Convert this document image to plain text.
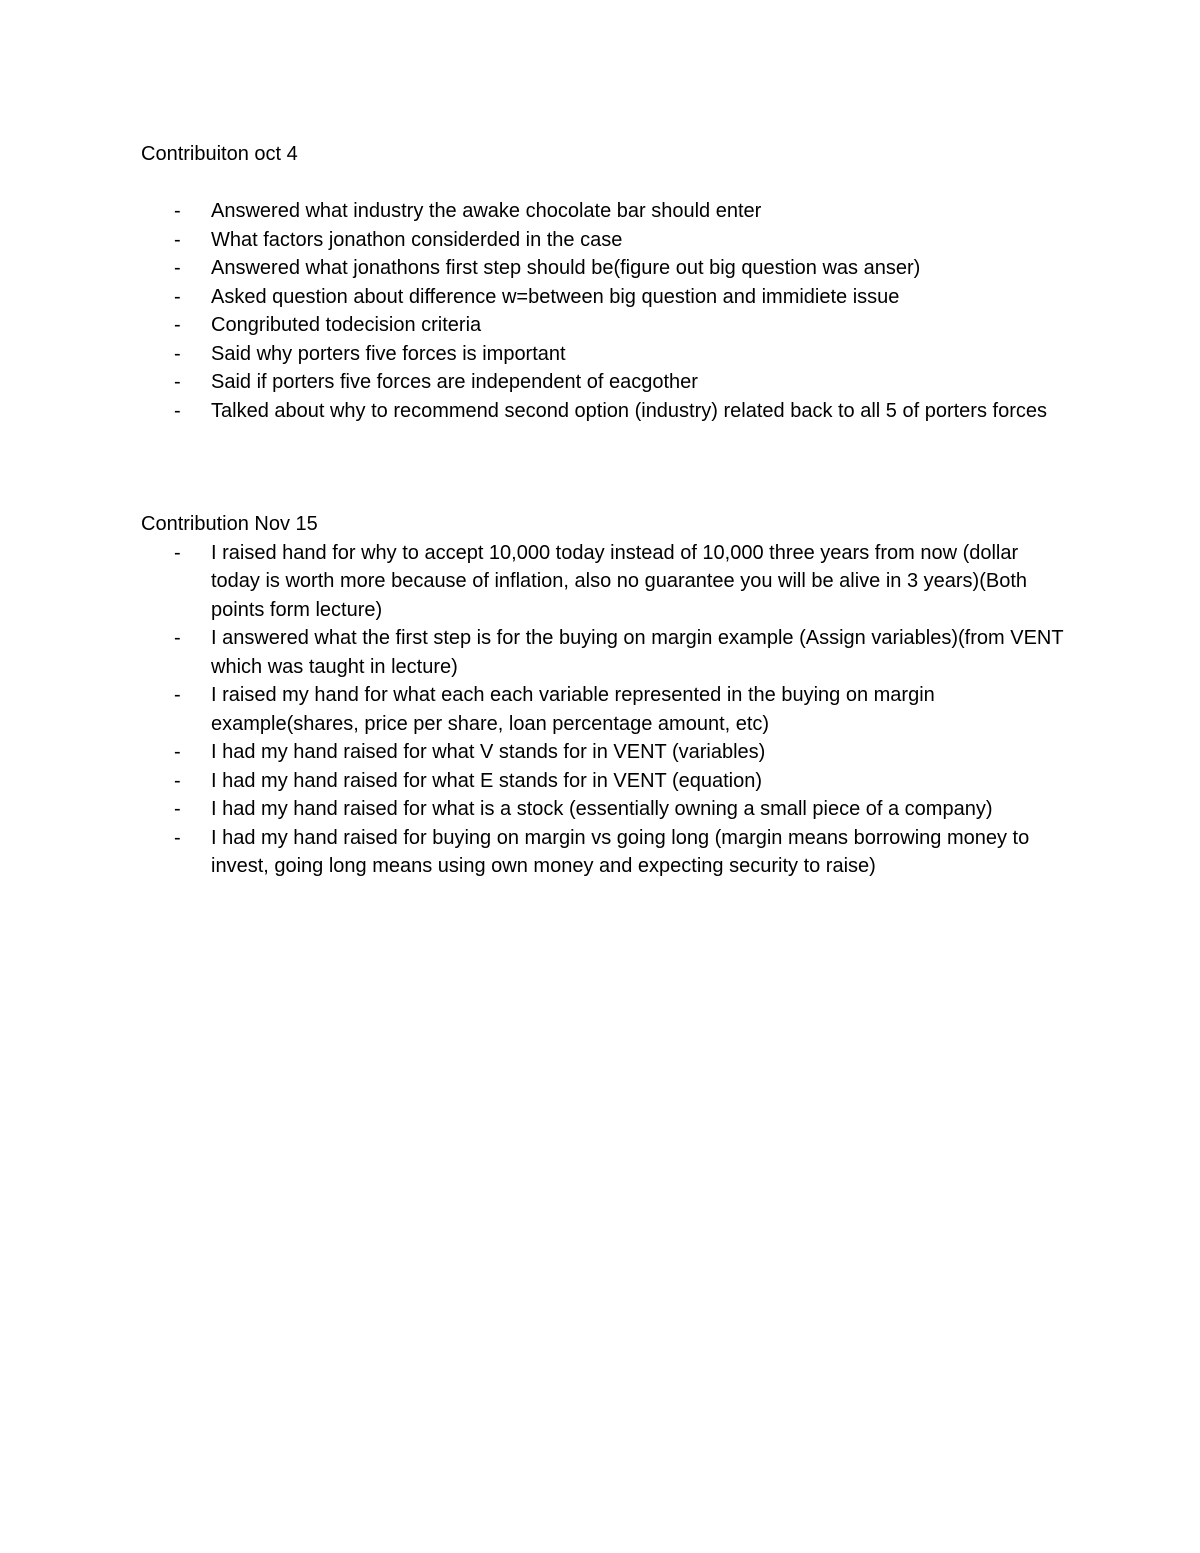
Contribuiton oct 4

- Answered what industry the awake chocolate bar should enter
- What factors jonathon considerded in the case
- Answered what jonathons first step should be(figure out big question was anser)
- Asked question about difference w=between big question and immidiete issue
- Congributed todecision criteria
- Said why porters five forces is important
- Said if porters five forces are independent of eacgother
- Talked about why to recommend second option (industry) related back to all 5 of porters forces

Contribution Nov 15

- I raised hand for why to accept 10,000 today instead of 10,000 three years from now (dollar today is worth more because of inflation, also no guarantee you will be alive in 3 years)(Both points form lecture)
- I answered what the first step is for the buying on margin example (Assign variables)(from VENT which was taught in lecture)
- I raised my hand for what each each variable represented in the buying on margin example(shares, price per share, loan percentage amount, etc)
- I had my hand raised for what V stands for in VENT (variables)
- I had my hand raised for what E stands for in VENT (equation)
- I had my hand raised for what is a stock (essentially owning a small piece of a company)
- I had my hand raised for buying on margin vs going long (margin means borrowing money to invest, going long means using own money and expecting security to raise)
